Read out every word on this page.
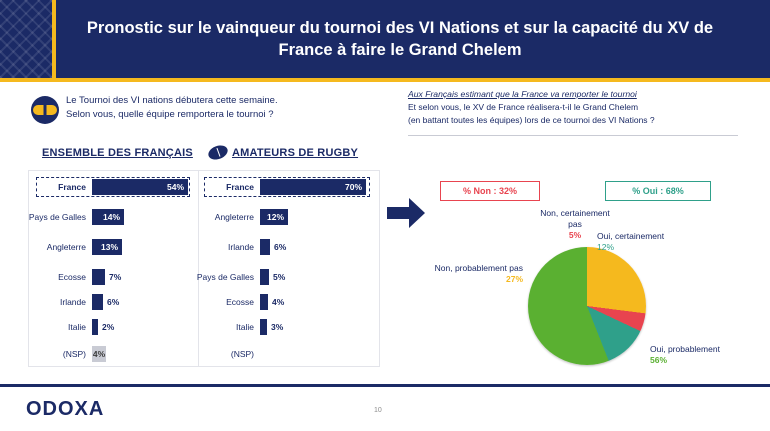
Pronostic sur le vainqueur du tournoi des VI Nations et sur la capacité du XV de France à faire le Grand Chelem
Le Tournoi des VI nations débutera cette semaine.
Selon vous, quelle équipe remportera le tournoi ?
Aux Français estimant que la France va remporter le tournoi
Et selon vous, le XV de France réalisera-t-il le Grand Chelem
(en battant toutes les équipes) lors de ce tournoi des VI Nations ?
ENSEMBLE DES FRANÇAIS	AMATEURS DE RUGBY
France	54%
Pays de Galles	14%
Angleterre	13%
Ecosse	7%
Irlande	6%
Italie	2%
(NSP) 4%
France	70%
Angleterre	12%
Irlande	6%
Pays de Galles	5%
Ecosse	4%
Italie	3%
(NSP)
% Non : 32%	% Oui : 68%
Non, certainement pas
5%	Oui, certainement
12%
Non, probablement pas
27%
Oui, probablement
56%
ODOXA	10
